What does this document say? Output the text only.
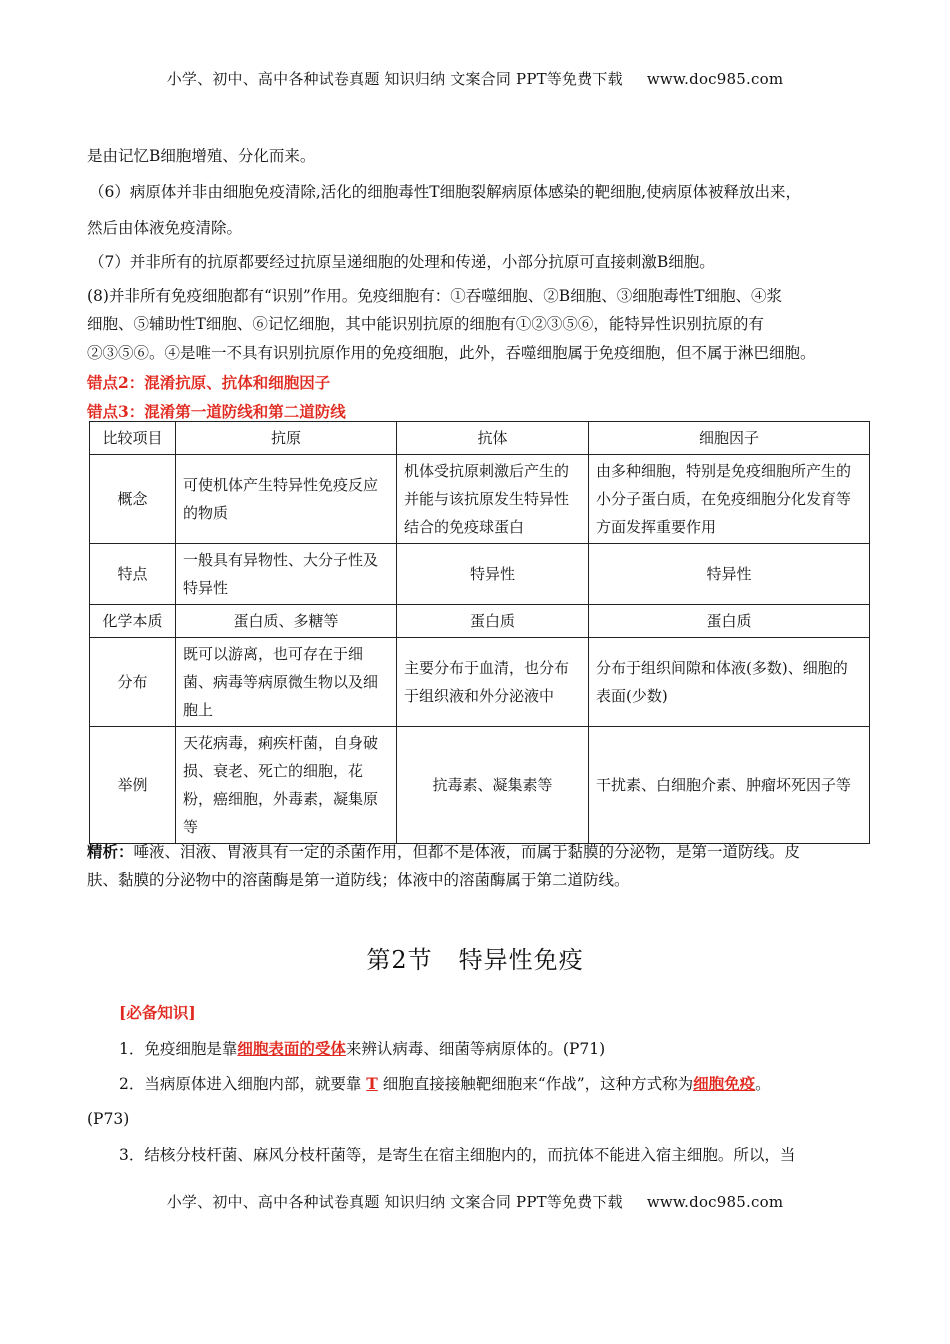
小学、初中、高中各种试卷真题 知识归纳 文案合同 PPT等免费下载 www.doc985.com
是由记忆B细胞增殖、分化而来。
（6）病原体并非由细胞免疫清除,活化的细胞毒性T细胞裂解病原体感染的靶细胞,使病原体被释放出来，
然后由体液免疫清除。
（7）并非所有的抗原都要经过抗原呈递细胞的处理和传递，小部分抗原可直接刺激B细胞。
(8)并非所有免疫细胞都有“识别”作用。免疫细胞有：①吞噬细胞、②B细胞、③细胞毒性T细胞、④浆
细胞、⑤辅助性T细胞、⑥记忆细胞，其中能识别抗原的细胞有①②③⑤⑥，能特异性识别抗原的有
②③⑤⑥。④是唯一不具有识别抗原作用的免疫细胞，此外，吞噬细胞属于免疫细胞，但不属于淋巴细胞。
错点2：混淆抗原、抗体和细胞因子
错点3：混淆第一道防线和第二道防线
比较项目	抗原	抗体	细胞因子
概念	可使机体产生特异性免疫反应的物质	机体受抗原刺激后产生的并能与该抗原发生特异性结合的免疫球蛋白	由多种细胞，特别是免疫细胞所产生的小分子蛋白质，在免疫细胞分化发育等方面发挥重要作用
特点	一般具有异物性、大分子性及特异性	特异性	特异性
化学本质	蛋白质、多糖等	蛋白质	蛋白质
分布	既可以游离，也可存在于细菌、病毒等病原微生物以及细胞上	主要分布于血清，也分布于组织液和外分泌液中	分布于组织间隙和体液(多数)、细胞的表面(少数)
举例	天花病毒，痢疾杆菌，自身破损、衰老、死亡的细胞，花粉，癌细胞，外毒素，凝集原等	抗毒素、凝集素等	干扰素、白细胞介素、肿瘤坏死因子等
精析：唾液、泪液、胃液具有一定的杀菌作用，但都不是体液，而属于黏膜的分泌物，是第一道防线。皮
肤、黏膜的分泌物中的溶菌酶是第一道防线；体液中的溶菌酶属于第二道防线。
第2节 特异性免疫
[必备知识]
1．免疫细胞是靠细胞表面的受体来辨认病毒、细菌等病原体的。(P71)
2．当病原体进入细胞内部，就要靠 T 细胞直接接触靶细胞来“作战”，这种方式称为细胞免疫。
(P73)
3．结核分枝杆菌、麻风分枝杆菌等，是寄生在宿主细胞内的，而抗体不能进入宿主细胞。所以，当
小学、初中、高中各种试卷真题 知识归纳 文案合同 PPT等免费下载 www.doc985.com
